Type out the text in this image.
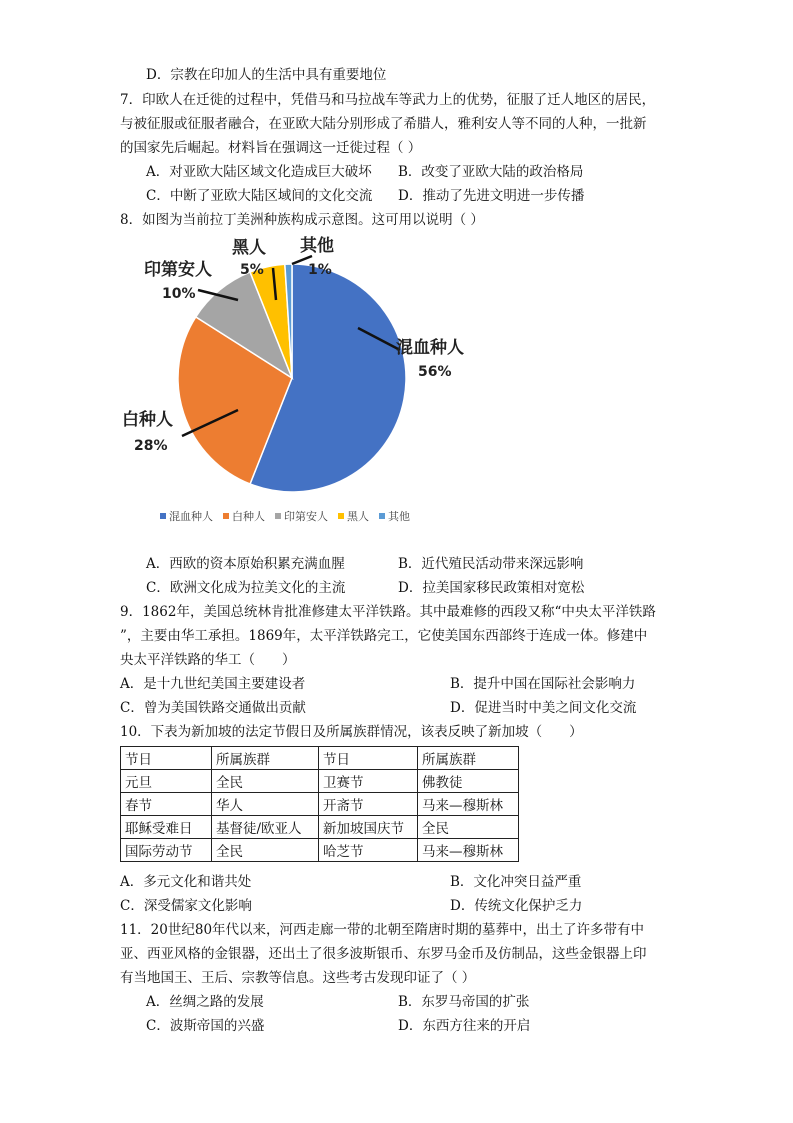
D．宗教在印加人的生活中具有重要地位
7．印欧人在迁徙的过程中，凭借马和马拉战车等武力上的优势，征服了迁人地区的居民，
与被征服或征服者融合，在亚欧大陆分别形成了希腊人，雅利安人等不同的人种，一批新
的国家先后崛起。材料旨在强调这一迁徙过程（ ）
A．对亚欧大陆区域文化造成巨大破坏 B．改变了亚欧大陆的政治格局
C．中断了亚欧大陆区域间的文化交流 D．推动了先进文明进一步传播
8．如图为当前拉丁美洲种族构成示意图。这可用以说明（ ）
混血种人
56%
白种人
28%
印第安人
10%
黑人
5%
其他
1%
混血种人 白种人 印第安人 黑人 其他
A．西欧的资本原始积累充满血腥	B．近代殖民活动带来深远影响
C．欧洲文化成为拉美文化的主流	D．拉美国家移民政策相对宽松
9．1862年，美国总统林肯批准修建太平洋铁路。其中最难修的西段又称“中央太平洋铁路
”，主要由华工承担。1869年，太平洋铁路完工，它使美国东西部终于连成一体。修建中
央太平洋铁路的华工（　　）
A．是十九世纪美国主要建设者	B．提升中国在国际社会影响力
C．曾为美国铁路交通做出贡献	D．促进当时中美之间文化交流
10．下表为新加坡的法定节假日及所属族群情况，该表反映了新加坡（　　）
节日	所属族群	节日	所属族群
元旦	全民	卫赛节	佛教徒
春节	华人	开斋节	马来—穆斯林
耶稣受难日	基督徒/欧亚人	新加坡国庆节	全民
国际劳动节	全民	哈芝节	马来—穆斯林
A．多元文化和谐共处	B．文化冲突日益严重
C．深受儒家文化影响	D．传统文化保护乏力
11．20世纪80年代以来，河西走廊一带的北朝至隋唐时期的墓葬中，出土了许多带有中
亚、西亚风格的金银器，还出土了很多波斯银币、东罗马金币及仿制品，这些金银器上印
有当地国王、王后、宗教等信息。这些考古发现印证了（ ）
A．丝绸之路的发展	B．东罗马帝国的扩张
C．波斯帝国的兴盛	D．东西方往来的开启
